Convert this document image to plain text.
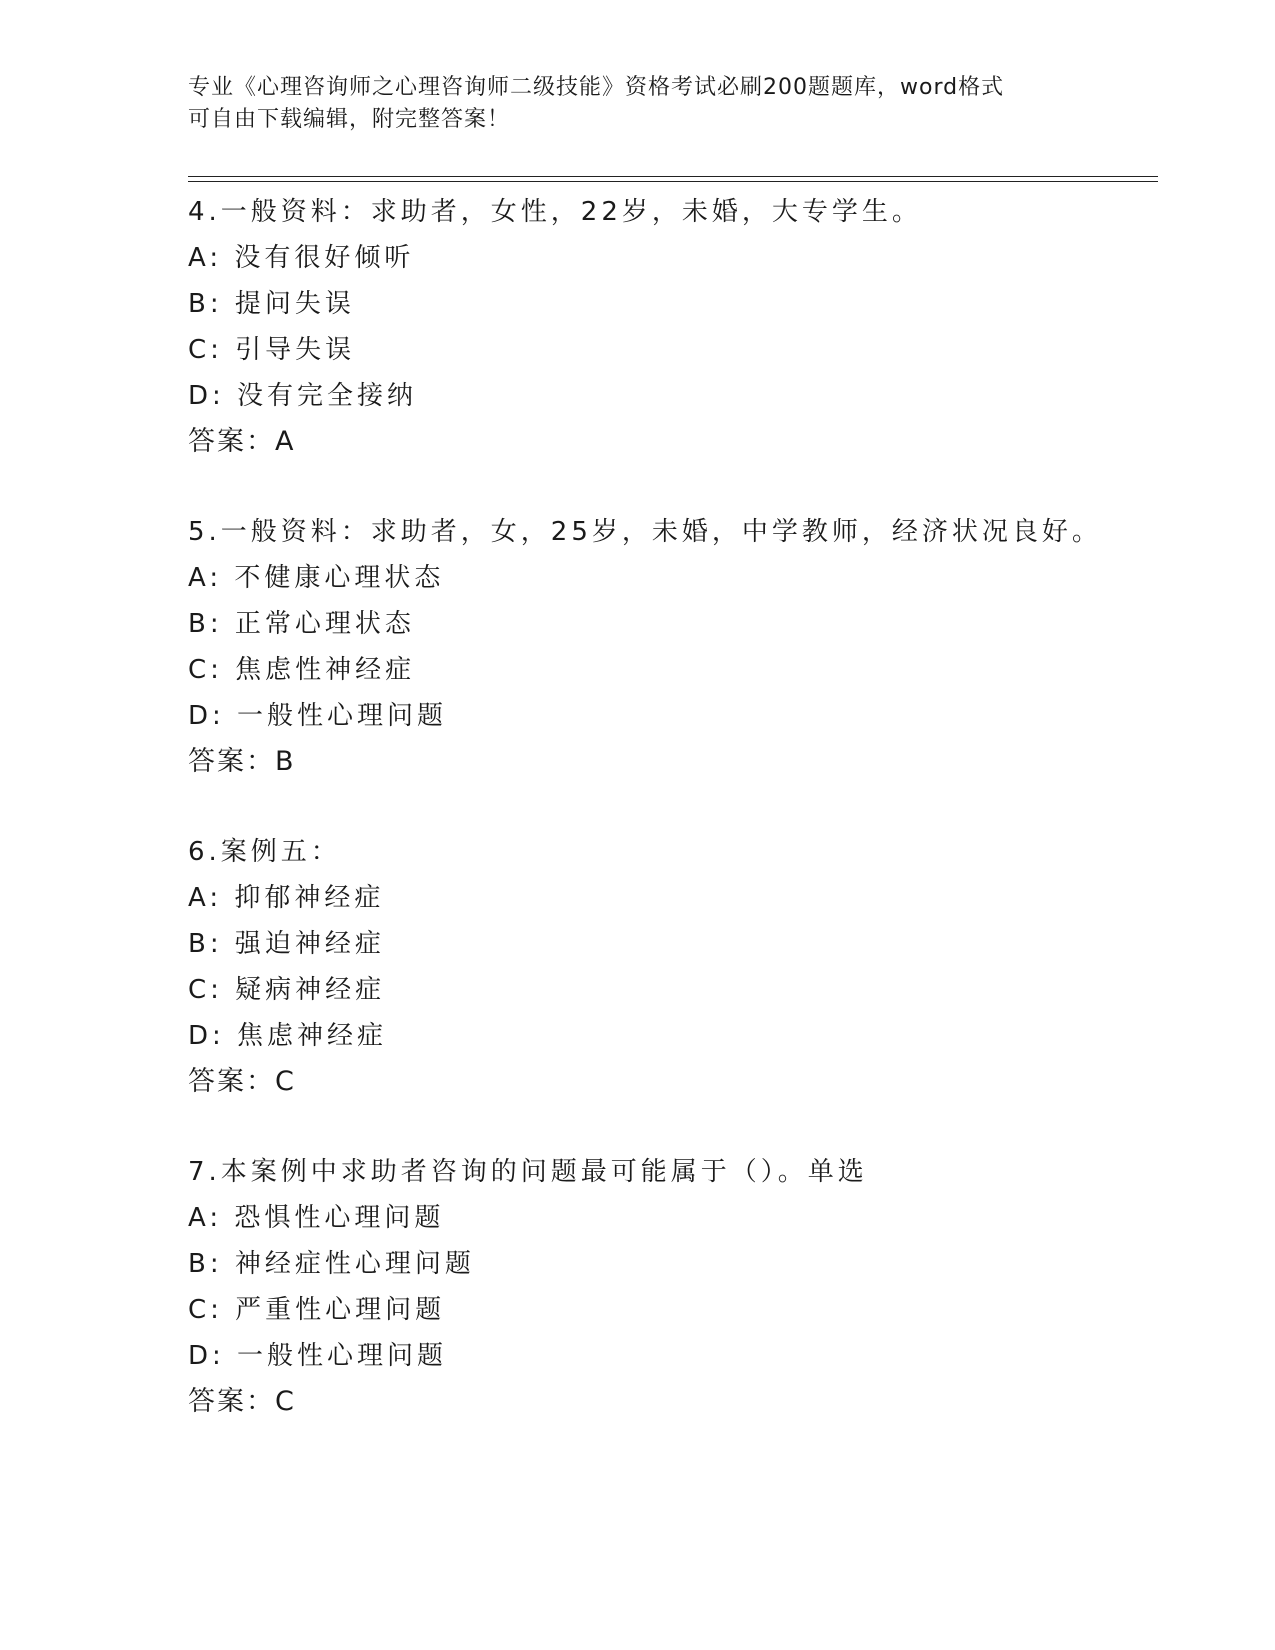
专业《心理咨询师之心理咨询师二级技能》资格考试必刷200题题库，word格式
可自由下载编辑，附完整答案！
4.一般资料：求助者，女性，22岁，未婚，大专学生。
A: 没有很好倾听
B: 提问失误
C: 引导失误
D: 没有完全接纳
答案：A
5.一般资料：求助者，女，25岁，未婚，中学教师，经济状况良好。
A: 不健康心理状态
B: 正常心理状态
C: 焦虑性神经症
D: 一般性心理问题
答案：B
6.案例五：
A: 抑郁神经症
B: 强迫神经症
C: 疑病神经症
D: 焦虑神经症
答案：C
7.本案例中求助者咨询的问题最可能属于（）。单选
A: 恐惧性心理问题
B: 神经症性心理问题
C: 严重性心理问题
D: 一般性心理问题
答案：C
